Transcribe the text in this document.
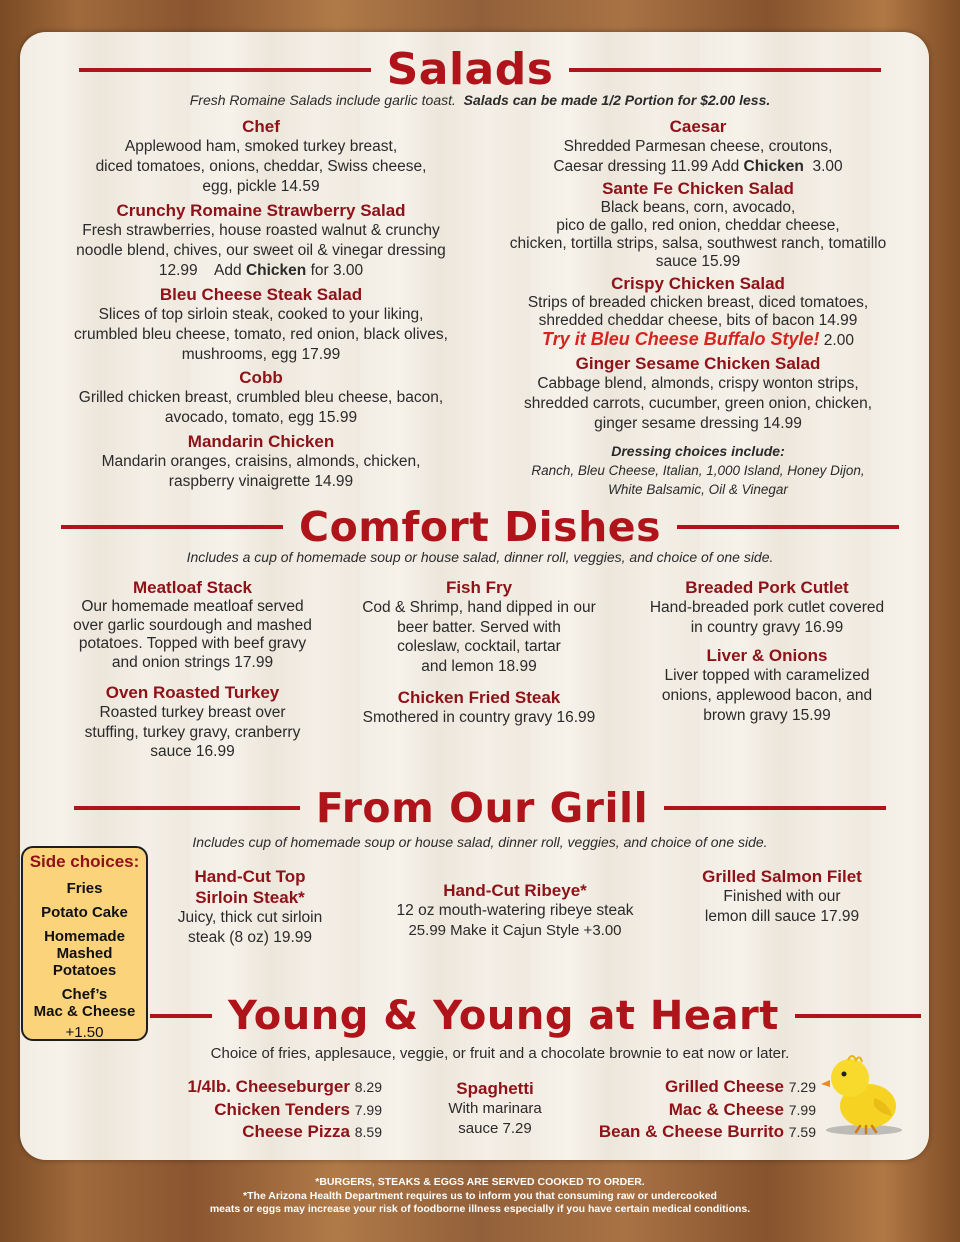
Salads
Fresh Romaine Salads include garlic toast. Salads can be made 1/2 Portion for $2.00 less.
Chef
Applewood ham, smoked turkey breast,
diced tomatoes, onions, cheddar, Swiss cheese,
egg, pickle 14.59
Crunchy Romaine Strawberry Salad
Fresh strawberries, house roasted walnut & crunchy
noodle blend, chives, our sweet oil & vinegar dressing
12.99 Add Chicken for 3.00
Bleu Cheese Steak Salad
Slices of top sirloin steak, cooked to your liking,
crumbled bleu cheese, tomato, red onion, black olives,
mushrooms, egg 17.99
Cobb
Grilled chicken breast, crumbled bleu cheese, bacon,
avocado, tomato, egg 15.99
Mandarin Chicken
Mandarin oranges, craisins, almonds, chicken,
raspberry vinaigrette 14.99
Caesar
Shredded Parmesan cheese, croutons,
Caesar dressing 11.99 Add Chicken 3.00
Sante Fe Chicken Salad
Black beans, corn, avocado,
pico de gallo, red onion, cheddar cheese,
chicken, tortilla strips, salsa, southwest ranch, tomatillo
sauce 15.99
Crispy Chicken Salad
Strips of breaded chicken breast, diced tomatoes,
shredded cheddar cheese, bits of bacon 14.99
Try it Bleu Cheese Buffalo Style! 2.00
Ginger Sesame Chicken Salad
Cabbage blend, almonds, crispy wonton strips,
shredded carrots, cucumber, green onion, chicken,
ginger sesame dressing 14.99
Dressing choices include:
Ranch, Bleu Cheese, Italian, 1,000 Island, Honey Dijon,
White Balsamic, Oil & Vinegar
Comfort Dishes
Includes a cup of homemade soup or house salad, dinner roll, veggies, and choice of one side.
Meatloaf Stack
Our homemade meatloaf served
over garlic sourdough and mashed
potatoes. Topped with beef gravy
and onion strings 17.99
Oven Roasted Turkey
Roasted turkey breast over
stuffing, turkey gravy, cranberry
sauce 16.99
Fish Fry
Cod & Shrimp, hand dipped in our
beer batter. Served with
coleslaw, cocktail, tartar
and lemon 18.99
Chicken Fried Steak
Smothered in country gravy 16.99
Breaded Pork Cutlet
Hand-breaded pork cutlet covered
in country gravy 16.99
Liver & Onions
Liver topped with caramelized
onions, applewood bacon, and
brown gravy 15.99
From Our Grill
Includes cup of homemade soup or house salad, dinner roll, veggies, and choice of one side.
Side choices:
Fries
Potato Cake
Homemade
Mashed
Potatoes
Chef’s
Mac & Cheese
+1.50
Hand-Cut Top
Sirloin Steak*
Juicy, thick cut sirloin
steak (8 oz) 19.99
Hand-Cut Ribeye*
12 oz mouth-watering ribeye steak
25.99 Make it Cajun Style +3.00
Grilled Salmon Filet
Finished with our
lemon dill sauce 17.99
Young & Young at Heart
Choice of fries, applesauce, veggie, or fruit and a chocolate brownie to eat now or later.
1/4lb. Cheeseburger 8.29
Chicken Tenders 7.99
Cheese Pizza 8.59
Spaghetti
With marinara
sauce 7.29
Grilled Cheese 7.29
Mac & Cheese 7.99
Bean & Cheese Burrito 7.59
*BURGERS, STEAKS & EGGS ARE SERVED COOKED TO ORDER.
*The Arizona Health Department requires us to inform you that consuming raw or undercooked
meats or eggs may increase your risk of foodborne illness especially if you have certain medical conditions.
